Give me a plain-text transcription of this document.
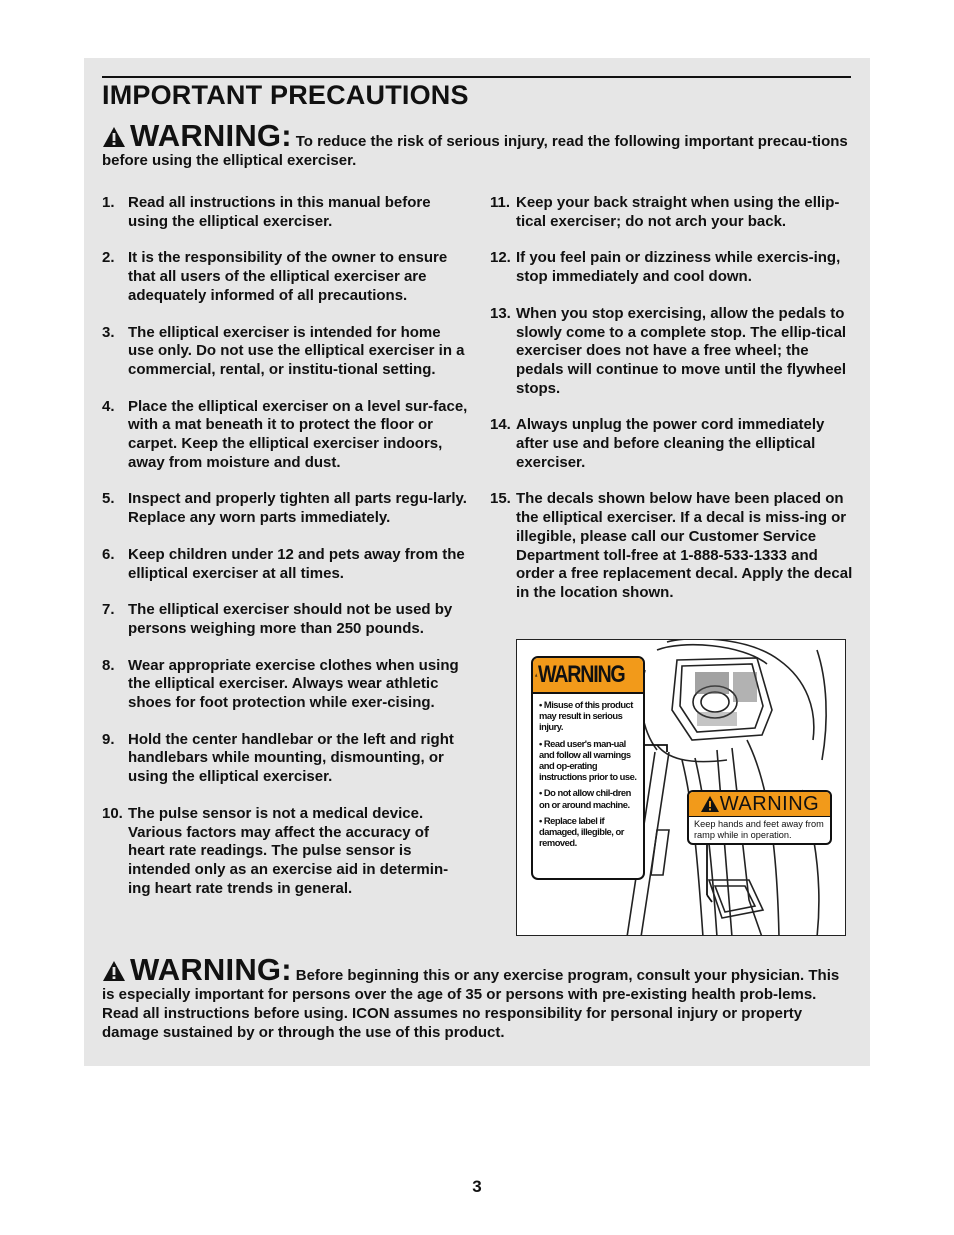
IMPORTANT PRECAUTIONS
WARNING: To reduce the risk of serious injury, read the following important precau-tions before using the elliptical exerciser.
1. Read all instructions in this manual before using the elliptical exerciser.
2. It is the responsibility of the owner to ensure that all users of the elliptical exerciser are adequately informed of all precautions.
3. The elliptical exerciser is intended for home use only. Do not use the elliptical exerciser in a commercial, rental, or institu-tional setting.
4. Place the elliptical exerciser on a level sur-face, with a mat beneath it to protect the floor or carpet. Keep the elliptical exerciser indoors, away from moisture and dust.
5. Inspect and properly tighten all parts regu-larly. Replace any worn parts immediately.
6. Keep children under 12 and pets away from the elliptical exerciser at all times.
7. The elliptical exerciser should not be used by persons weighing more than 250 pounds.
8. Wear appropriate exercise clothes when using the elliptical exerciser. Always wear athletic shoes for foot protection while exer-cising.
9. Hold the center handlebar or the left and right handlebars while mounting, dismounting, or using the elliptical exerciser.
10. The pulse sensor is not a medical device. Various factors may affect the accuracy of heart rate readings. The pulse sensor is intended only as an exercise aid in determin-ing heart rate trends in general.
11. Keep your back straight when using the ellip-tical exerciser; do not arch your back.
12. If you feel pain or dizziness while exercis-ing, stop immediately and cool down.
13. When you stop exercising, allow the pedals to slowly come to a complete stop. The ellip-tical exerciser does not have a free wheel; the pedals will continue to move until the flywheel stops.
14. Always unplug the power cord immediately after use and before cleaning the elliptical exerciser.
15. The decals shown below have been placed on the elliptical exerciser. If a decal is miss-ing or illegible, please call our Customer Service Department toll-free at 1-888-533-1333 and order a free replacement decal. Apply the decal in the location shown.
WARNING
• Misuse of this product may result in serious injury.
• Read user's man-ual and follow all warnings and op-erating instructions prior to use.
• Do not allow chil-dren on or around machine.
• Replace label if damaged, illegible, or removed.
WARNING
Keep hands and feet away from ramp while in operation.
WARNING: Before beginning this or any exercise program, consult your physician. This is especially important for persons over the age of 35 or persons with pre-existing health prob-lems. Read all instructions before using. ICON assumes no responsibility for personal injury or property damage sustained by or through the use of this product.
3
